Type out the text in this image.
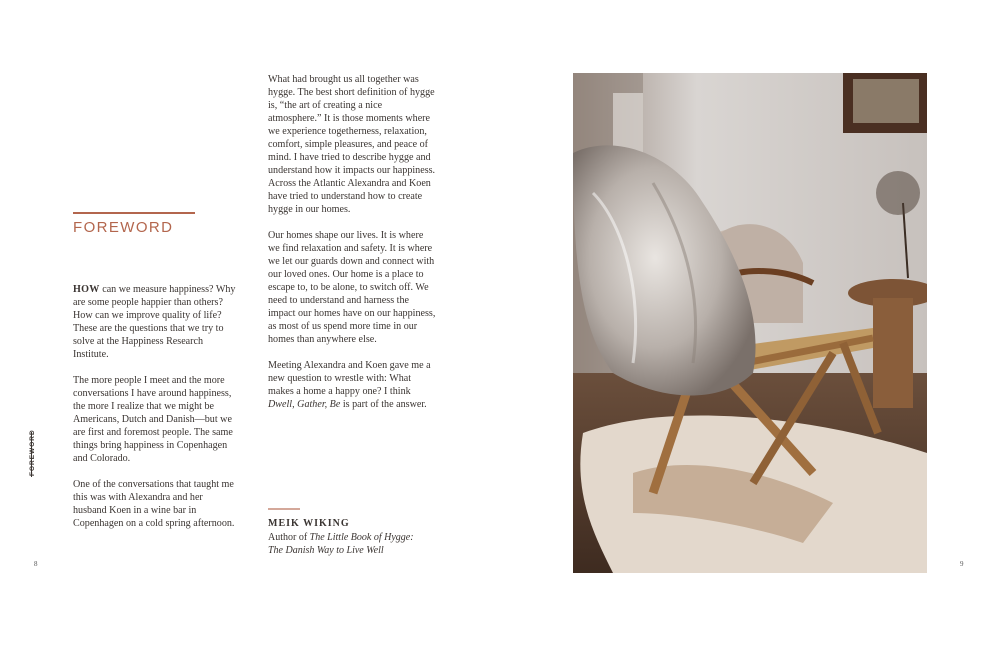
FOREWORD
FOREWORD

HOW can we measure happiness? Why are some people happier than others? How can we improve quality of life? These are the questions that we try to solve at the Happiness Research Institute.

The more people I meet and the more conversations I have around happiness, the more I realize that we might be Americans, Dutch and Danish—but we are first and foremost people. The same things bring happiness in Copenhagen and Colorado.

One of the conversations that taught me this was with Alexandra and her husband Koen in a wine bar in Copenhagen on a cold spring afternoon.

What had brought us all together was hygge. The best short definition of hygge is, “the art of creating a nice atmosphere.” It is those moments where we experience togetherness, relaxation, comfort, simple pleasures, and peace of mind. I have tried to describe hygge and understand how it impacts our happiness. Across the Atlantic Alexandra and Koen have tried to understand how to create hygge in our homes.

Our homes shape our lives. It is where we find relaxation and safety. It is where we let our guards down and connect with our loved ones. Our home is a place to escape to, to be alone, to switch off. We need to understand and harness the impact our homes have on our happiness, as most of us spend more time in our homes than anywhere else.

Meeting Alexandra and Koen gave me a new question to wrestle with: What makes a home a happy one? I think Dwell, Gather, Be is part of the answer.

MEIK WIKING
Author of The Little Book of Hygge:
The Danish Way to Live Well
8	9
